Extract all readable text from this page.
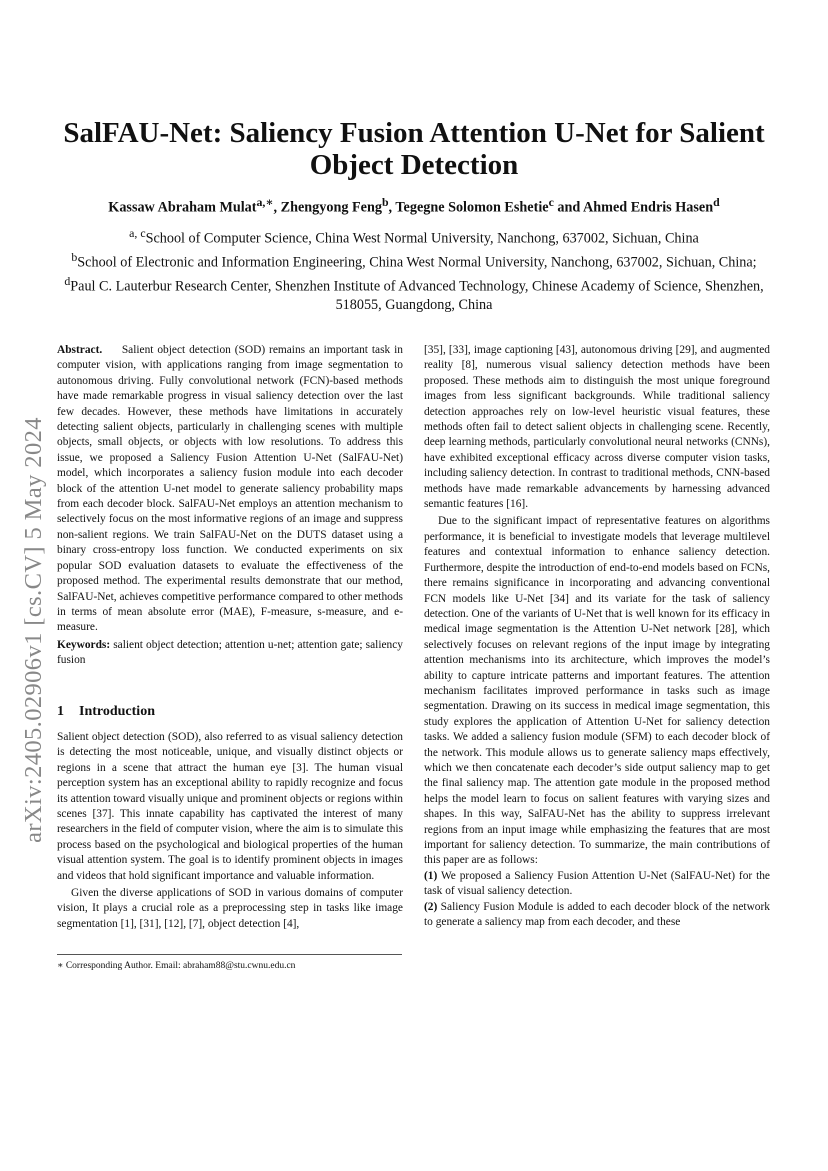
SalFAU-Net: Saliency Fusion Attention U-Net for Salient Object Detection
Kassaw Abraham Mulat$^{a,∗}$, Zhengyong Feng$^b$, Tegegne Solomon Eshetie$^c$ and Ahmed Endris Hasen$^d$
$^{a, c}$School of Computer Science, China West Normal University, Nanchong, 637002, Sichuan, China
$^b$School of Electronic and Information Engineering, China West Normal University, Nanchong, 637002, Sichuan, China;
$^d$Paul C. Lauterbur Research Center, Shenzhen Institute of Advanced Technology, Chinese Academy of Science, Shenzhen, 518055, Guangdong, China
arXiv:2405.02906v1 [cs.CV] 5 May 2024

Abstract. Salient object detection (SOD) remains an important task in computer vision, with applications ranging from image segmentation to autonomous driving. Fully convolutional network (FCN)-based methods have made remarkable progress in visual saliency detection over the last few decades. However, these methods have limitations in accurately detecting salient objects, particularly in challenging scenes with multiple objects, small objects, or objects with low resolutions. To address this issue, we proposed a Saliency Fusion Attention U-Net (SalFAU-Net) model, which incorporates a saliency fusion module into each decoder block of the attention U-net model to generate saliency probability maps from each decoder block. SalFAU-Net employs an attention mechanism to selectively focus on the most informative regions of an image and suppress non-salient regions. We train SalFAU-Net on the DUTS dataset using a binary cross-entropy loss function. We conducted experiments on six popular SOD evaluation datasets to evaluate the effectiveness of the proposed method. The experimental results demonstrate that our method, SalFAU-Net, achieves competitive performance compared to other methods in terms of mean absolute error (MAE), F-measure, s-measure, and e-measure.

Keywords: salient object detection; attention u-net; attention gate; saliency fusion

1 Introduction

Salient object detection (SOD), also referred to as visual saliency detection is detecting the most noticeable, unique, and visually distinct objects or regions in a scene that attract the human eye [3]. The human visual perception system has an exceptional ability to rapidly recognize and focus its attention toward visually unique and prominent objects or regions within scenes [37]. This innate capability has captivated the interest of many researchers in the field of computer vision, where the aim is to simulate this process based on the psychological and biological properties of the human visual attention system. The goal is to identify prominent objects in images and videos that hold significant importance and valuable information.

Given the diverse applications of SOD in various domains of computer vision, It plays a crucial role as a preprocessing step in tasks like image segmentation [1], [31], [12], [7], object detection [4],

∗ Corresponding Author. Email: abraham88@stu.cwnu.edu.cn

[35], [33], image captioning [43], autonomous driving [29], and augmented reality [8], numerous visual saliency detection methods have been proposed. These methods aim to distinguish the most unique foreground images from less significant backgrounds. While traditional saliency detection approaches rely on low-level heuristic visual features, these methods often fail to detect salient objects in challenging scene. Recently, deep learning methods, particularly convolutional neural networks (CNNs), have exhibited exceptional efficacy across diverse computer vision tasks, including saliency detection. In contrast to traditional methods, CNN-based methods have made remarkable advancements by harnessing advanced semantic features [16].

Due to the significant impact of representative features on algorithms performance, it is beneficial to investigate models that leverage multilevel features and contextual information to enhance saliency detection. Furthermore, despite the introduction of end-to-end models based on FCNs, there remains significance in incorporating and advancing conventional FCN models like U-Net [34] and its variate for the task of saliency detection. One of the variants of U-Net that is well known for its efficacy in medical image segmentation is the Attention U-Net network [28], which selectively focuses on relevant regions of the input image by integrating attention mechanisms into its architecture, which improves the model’s ability to capture intricate patterns and important features. The attention mechanism facilitates improved performance in tasks such as image segmentation. Drawing on its success in medical image segmentation, this study explores the application of Attention U-Net for saliency detection tasks. We added a saliency fusion module (SFM) to each decoder block of the network. This module allows us to generate saliency maps effectively, which we then concatenate each decoder’s side output saliency map to get the final saliency map. The attention gate module in the proposed method helps the model learn to focus on salient features with varying sizes and shapes. In this way, SalFAU-Net has the ability to suppress irrelevant regions from an input image while emphasizing the features that are most important for saliency detection. To summarize, the main contributions of this paper are as follows:

(1) We proposed a Saliency Fusion Attention U-Net (SalFAU-Net) for the task of visual saliency detection.

(2) Saliency Fusion Module is added to each decoder block of the network to generate a saliency map from each decoder, and these
